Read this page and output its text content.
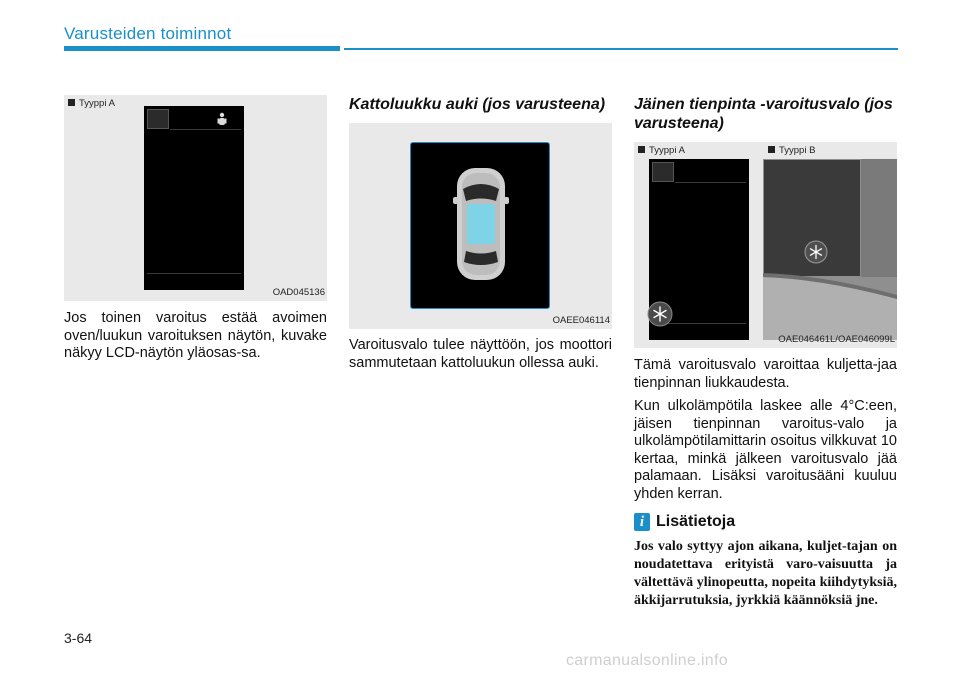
Varusteiden toiminnot
Tyyppi A
OAD045136

Jos toinen varoitus estää avoimen oven/luukun varoituksen näytön, kuvake näkyy LCD-näytön yläosas-sa.

Kattoluukku auki (jos varusteena)
OAEE046114

Varoitusvalo tulee näyttöön, jos moottori sammutetaan kattoluukun ollessa auki.

Jäinen tienpinta -varoitusvalo (jos varusteena)
Tyyppi A	Tyyppi B
OAE046461L/OAE046099L

Tämä varoitusvalo varoittaa kuljetta-jaa tienpinnan liukkaudesta.

Kun ulkolämpötila laskee alle 4°C:een, jäisen tienpinnan varoitus-valo ja ulkolämpötilamittarin osoitus vilkkuvat 10 kertaa, minkä jälkeen varoitusvalo jää palamaan. Lisäksi varoitusääni kuuluu yhden kerran.

i Lisätietoja

Jos valo syttyy ajon aikana, kuljet-tajan on noudatettava erityistä varo-vaisuutta ja vältettävä ylinopeutta, nopeita kiihdytyksiä, äkkijarrutuksia, jyrkkiä käännöksiä jne.

3-64
carmanualsonline.info
